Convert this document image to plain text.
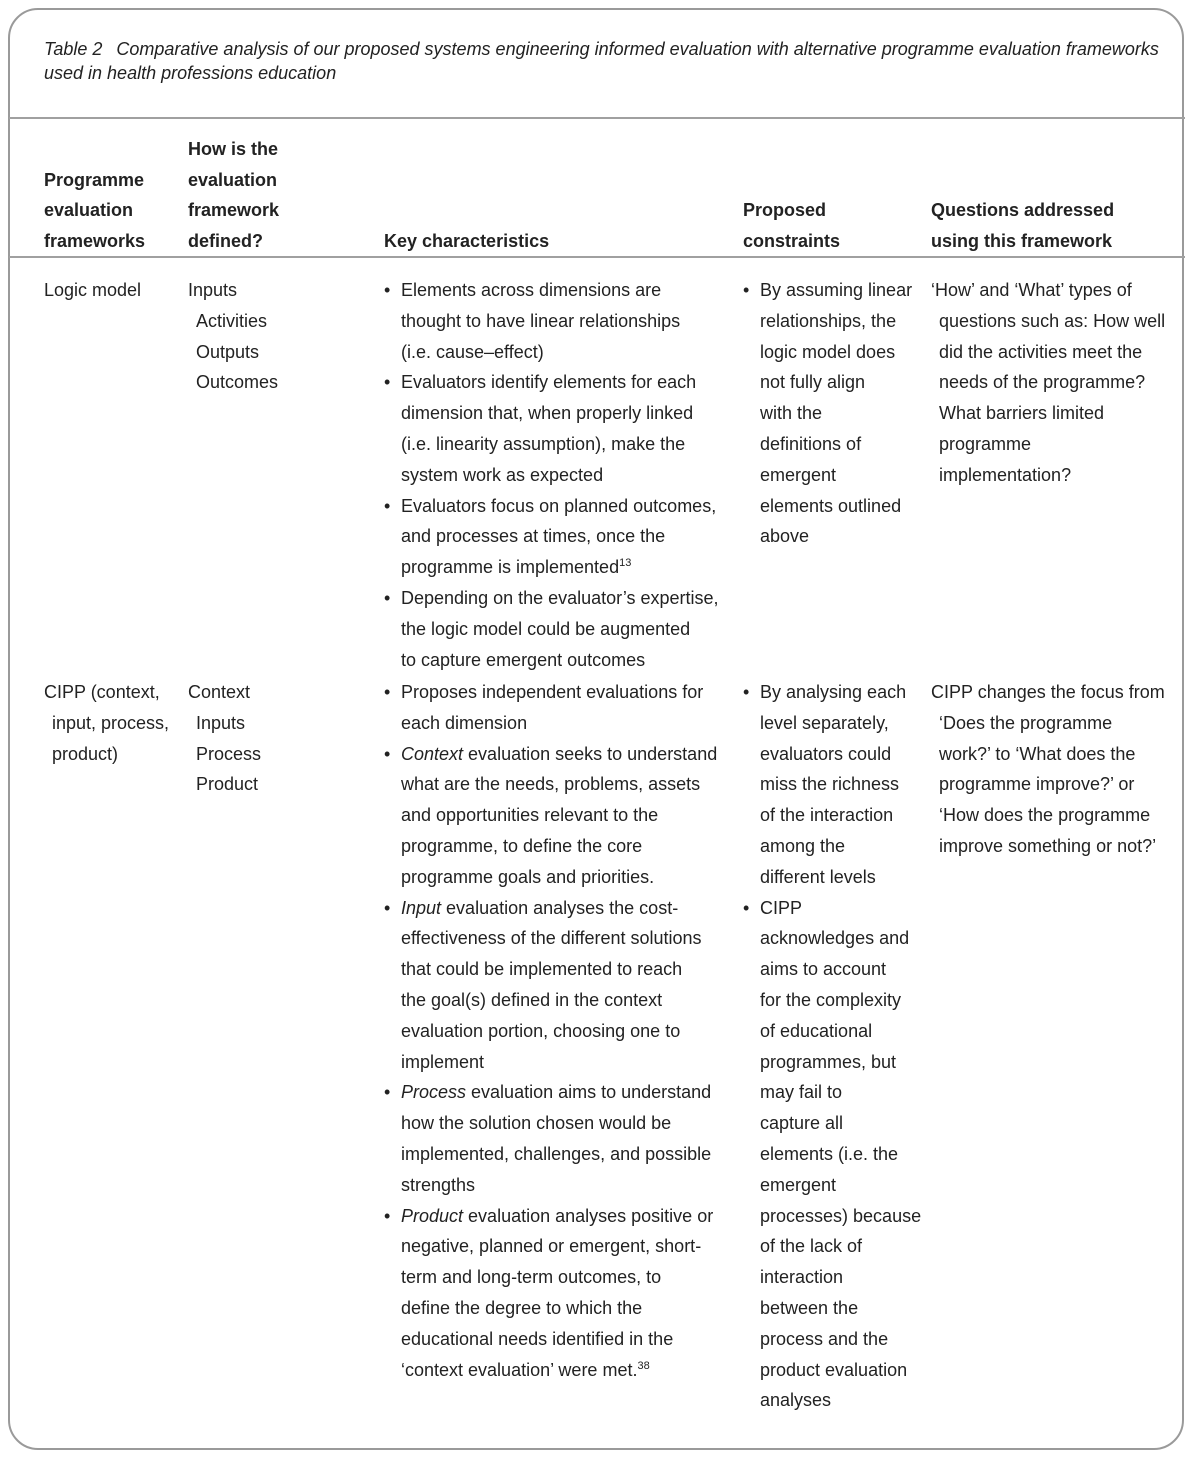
Table 2 Comparative analysis of our proposed systems engineering informed evaluation with alternative programme evaluation frameworks used in health professions education
Programme
evaluation
frameworks
How is the
evaluation
framework
defined?	Key characteristics
Proposed
constraints
Questions addressed
using this framework
Logic model	Inputs
Activities
Outputs
Outcomes
• Elements across dimensions are
thought to have linear relationships
(i.e. cause–effect)
• Evaluators identify elements for each
dimension that, when properly linked
(i.e. linearity assumption), make the
system work as expected
• Evaluators focus on planned outcomes,
and processes at times, once the
programme is implemented$^{13}$
• Depending on the evaluator’s expertise,
the logic model could be augmented
to capture emergent outcomes
• By assuming linear
relationships, the
logic model does
not fully align
with the
definitions of
emergent
elements outlined
above
‘How’ and ‘What’ types of
questions such as: How well
did the activities meet the
needs of the programme?
What barriers limited
programme
implementation?
CIPP (context,
input, process,
product)
Context
Inputs
Process
Product
• Proposes independent evaluations for
each dimension
• Context evaluation seeks to understand
what are the needs, problems, assets
and opportunities relevant to the
programme, to define the core
programme goals and priorities.
• Input evaluation analyses the cost-
effectiveness of the different solutions
that could be implemented to reach
the goal(s) defined in the context
evaluation portion, choosing one to
implement
• Process evaluation aims to understand
how the solution chosen would be
implemented, challenges, and possible
strengths
• Product evaluation analyses positive or
negative, planned or emergent, short-
term and long-term outcomes, to
define the degree to which the
educational needs identified in the
‘context evaluation’ were met.$^{38}$
• By analysing each
level separately,
evaluators could
miss the richness
of the interaction
among the
different levels
• CIPP
acknowledges and
aims to account
for the complexity
of educational
programmes, but
may fail to
capture all
elements (i.e. the
emergent
processes) because
of the lack of
interaction
between the
process and the
product evaluation
analyses
CIPP changes the focus from
‘Does the programme
work?’ to ‘What does the
programme improve?’ or
‘How does the programme
improve something or not?’
